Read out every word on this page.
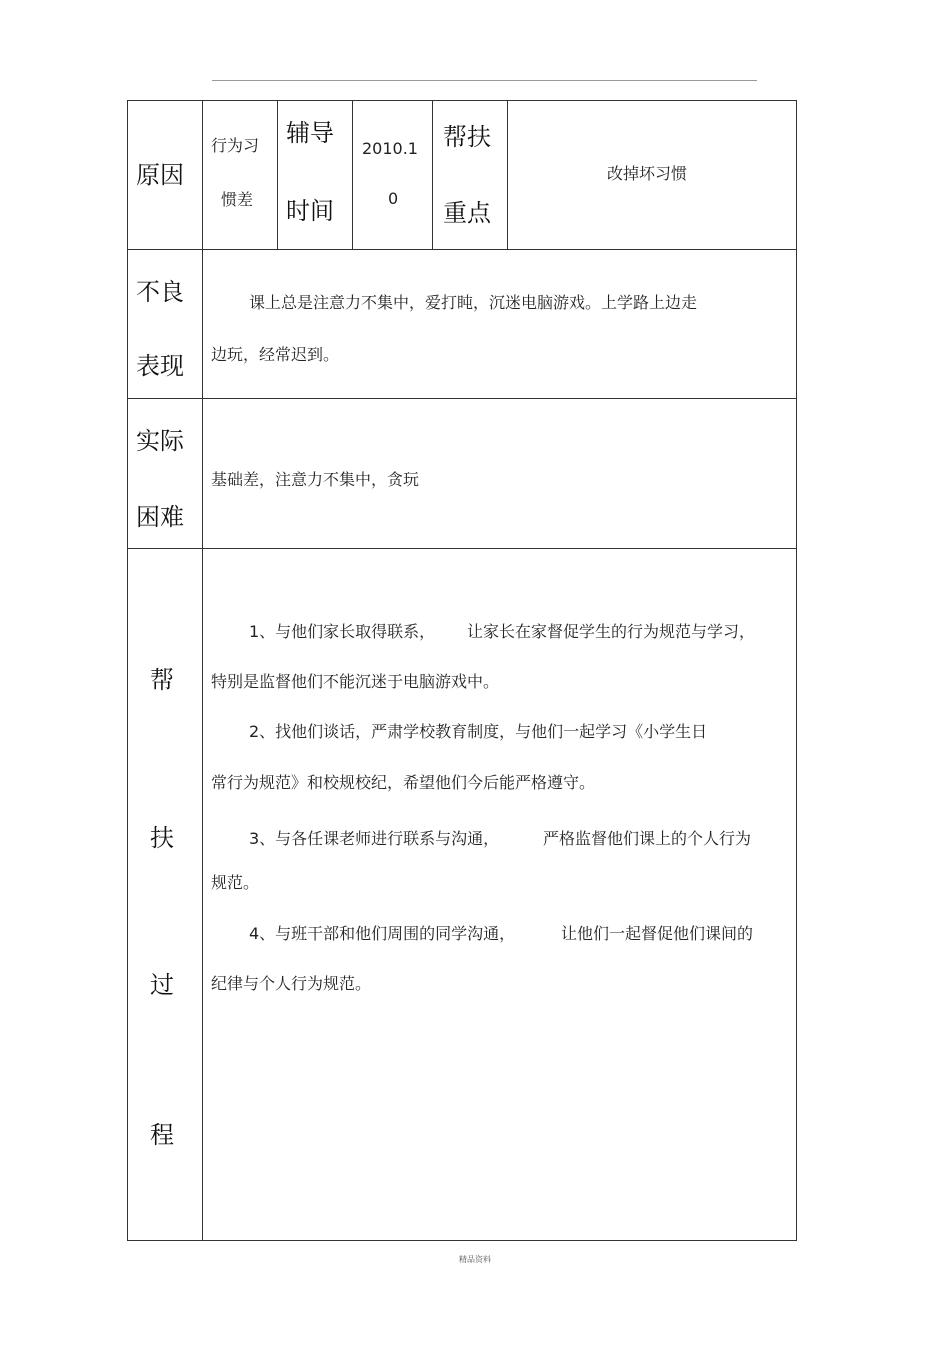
原因
行为习
惯差
辅导
时间
2010.1
0
帮扶
重点
改掉坏习惯
不良
表现
课上总是注意力不集中，爱打盹，沉迷电脑游戏。上学路上边走
边玩，经常迟到。
实际
困难
基础差，注意力不集中，贪玩
帮
扶
过
程
1、与他们家长取得联系， 让家长在家督促学生的行为规范与学习，
特别是监督他们不能沉迷于电脑游戏中。
2、找他们谈话，严肃学校教育制度，与他们一起学习《小学生日
常行为规范》和校规校纪，希望他们今后能严格遵守。
3、与各任课老师进行联系与沟通，	严格监督他们课上的个人行为
规范。
4、与班干部和他们周围的同学沟通，	让他们一起督促他们课间的
纪律与个人行为规范。
精品资料
